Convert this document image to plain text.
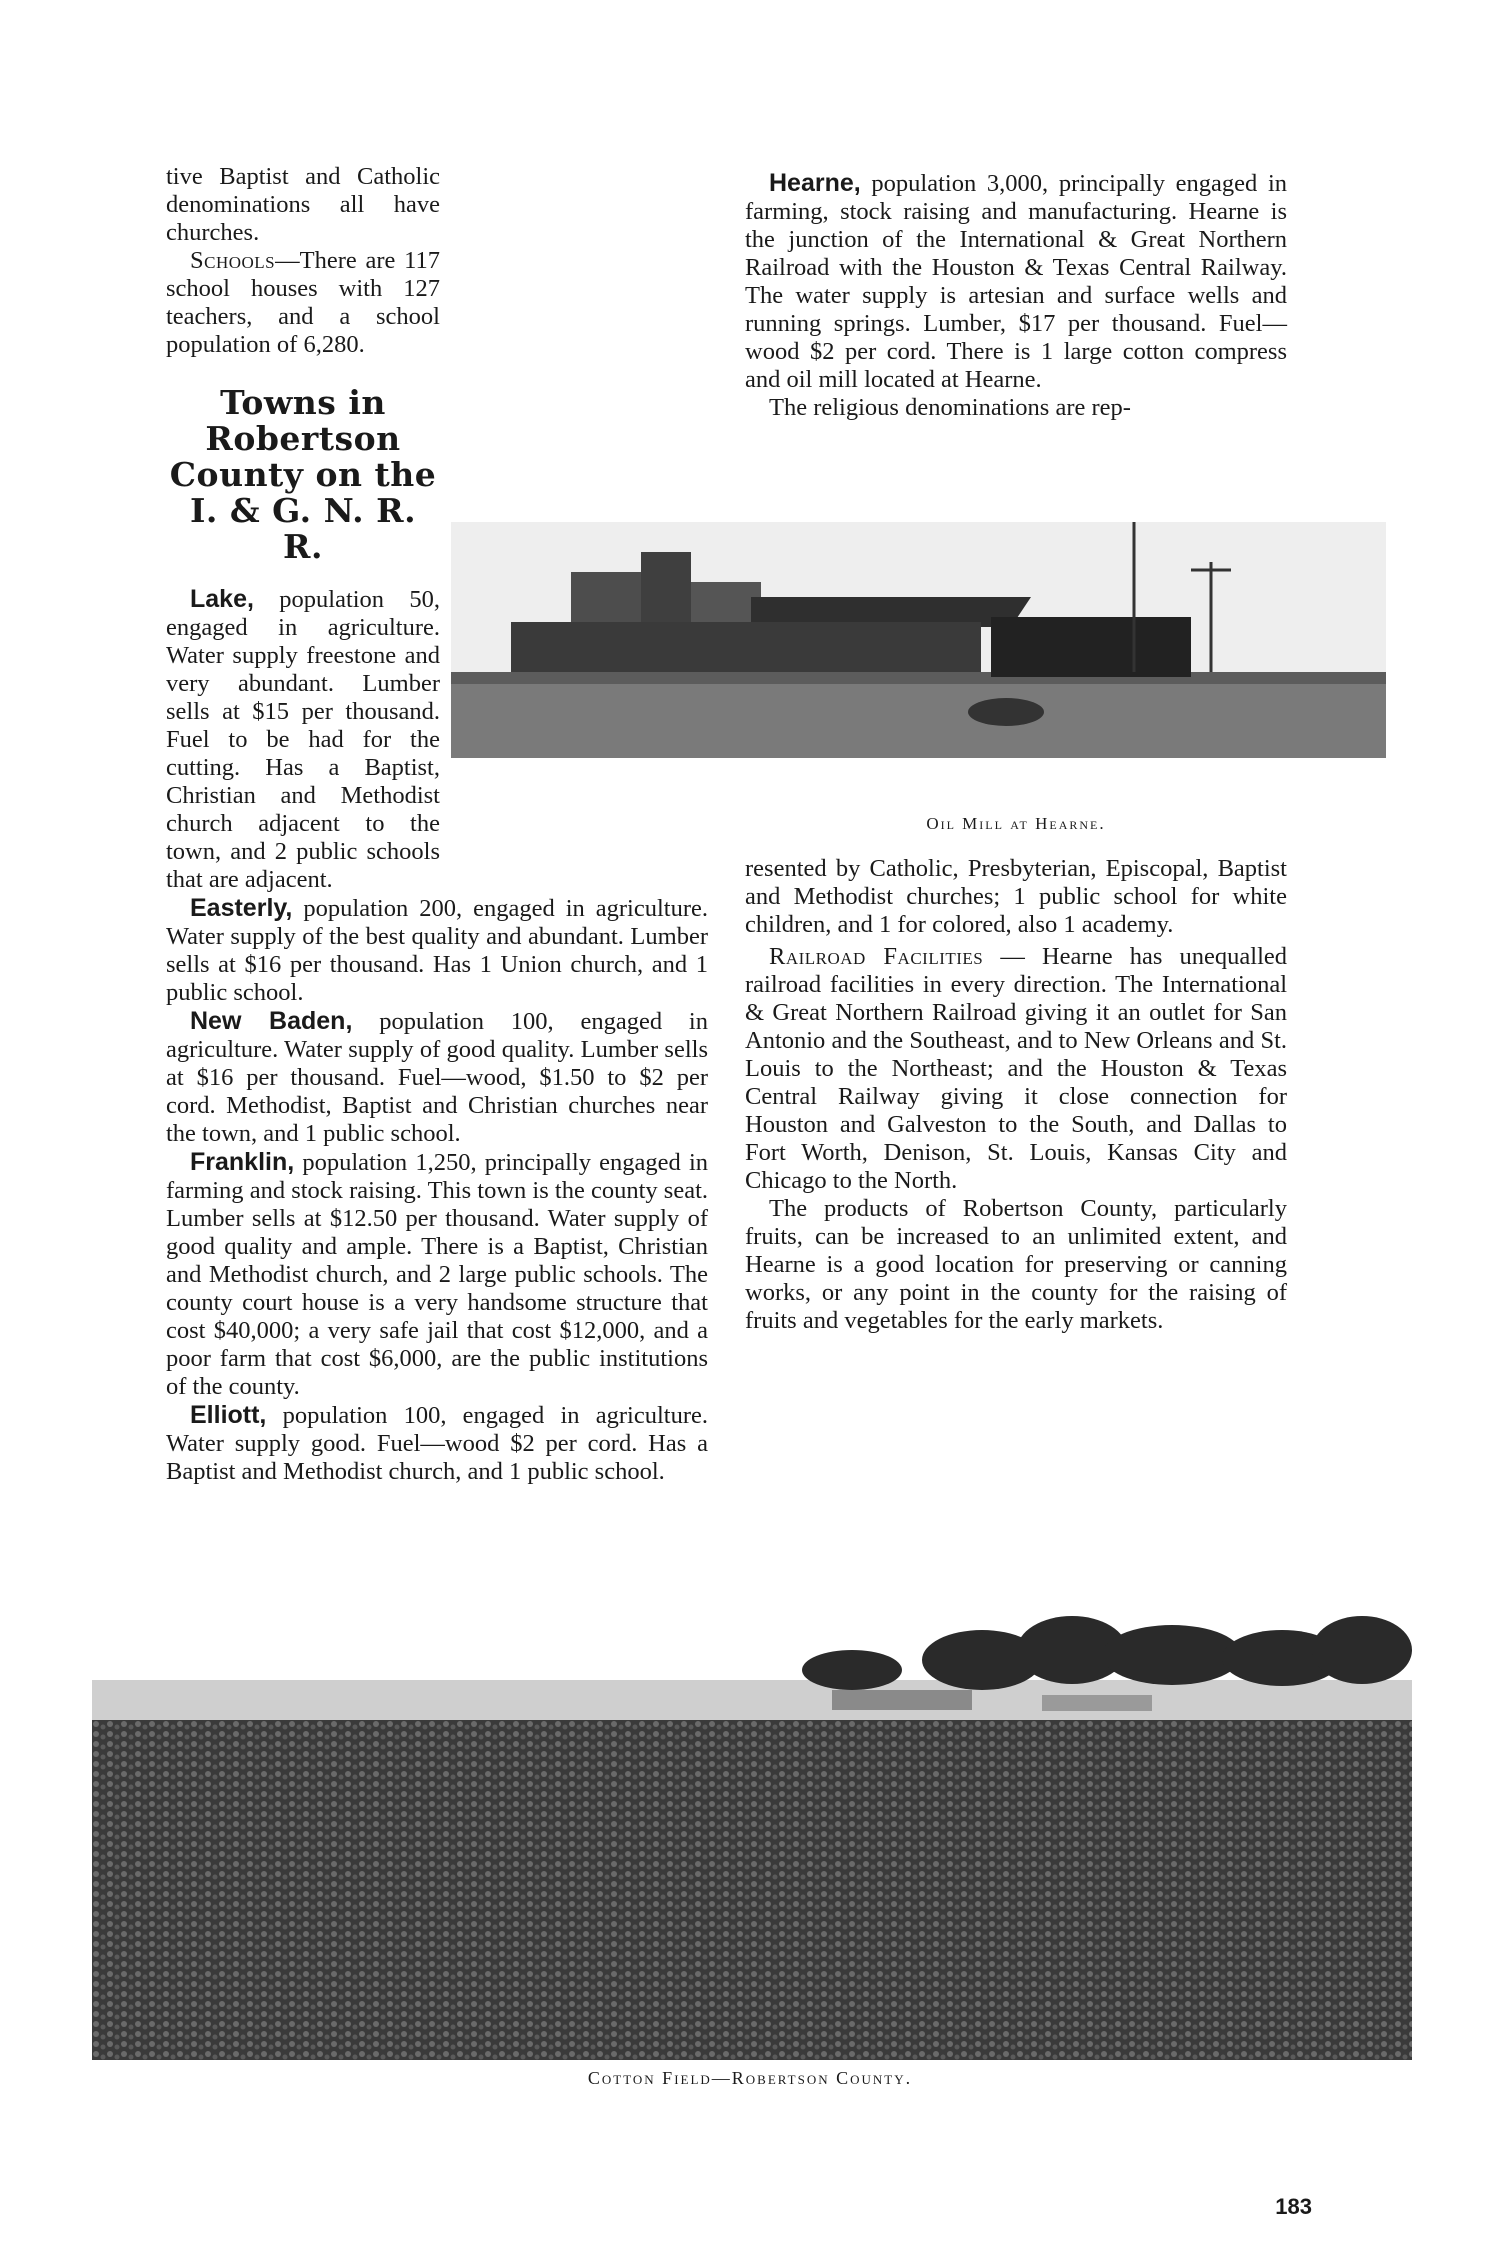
tive Baptist and Catholic denominations all have churches.

Schools—There are 117 school houses with 127 teachers, and a school population of 6,280.

Towns in Robertson County on the I. & G. N. R. R.

Lake, population 50, engaged in agriculture. Water supply freestone and very abundant. Lumber sells at $15 per thousand. Fuel to be had for the cutting. Has a Baptist, Christian and Methodist church adjacent to the town, and 2 public schools that are adjacent.

Easterly, population 200, engaged in agriculture. Water supply of the best quality and abundant. Lumber sells at $16 per thousand. Has 1 Union church, and 1 public school.

New Baden, population 100, engaged in agriculture. Water supply of good quality. Lumber sells at $16 per thousand. Fuel—wood, $1.50 to $2 per cord. Methodist, Baptist and Christian churches near the town, and 1 public school.

Franklin, population 1,250, principally engaged in farming and stock raising. This town is the county seat. Lumber sells at $12.50 per thousand. Water supply of good quality and ample. There is a Baptist, Christian and Methodist church, and 2 large public schools. The county court house is a very handsome structure that cost $40,000; a very safe jail that cost $12,000, and a poor farm that cost $6,000, are the public institutions of the county.

Elliott, population 100, engaged in agriculture. Water supply good. Fuel—wood $2 per cord. Has a Baptist and Methodist church, and 1 public school.

Hearne, population 3,000, principally engaged in farming, stock raising and manufacturing. Hearne is the junction of the International & Great Northern Railroad with the Houston & Texas Central Railway. The water supply is artesian and surface wells and running springs. Lumber, $17 per thousand. Fuel—wood $2 per cord. There is 1 large cotton compress and oil mill located at Hearne.

The religious denominations are rep-

Oil Mill at Hearne.

resented by Catholic, Presbyterian, Episcopal, Baptist and Methodist churches; 1 public school for white children, and 1 for colored, also 1 academy.

Railroad Facilities — Hearne has unequalled railroad facilities in every direction. The International & Great Northern Railroad giving it an outlet for San Antonio and the Southeast, and to New Orleans and St. Louis to the Northeast; and the Houston & Texas Central Railway giving it close connection for Houston and Galveston to the South, and Dallas to Fort Worth, Denison, St. Louis, Kansas City and Chicago to the North.

The products of Robertson County, particularly fruits, can be increased to an unlimited extent, and Hearne is a good location for preserving or canning works, or any point in the county for the raising of fruits and vegetables for the early markets.

Cotton Field—Robertson County.
183
